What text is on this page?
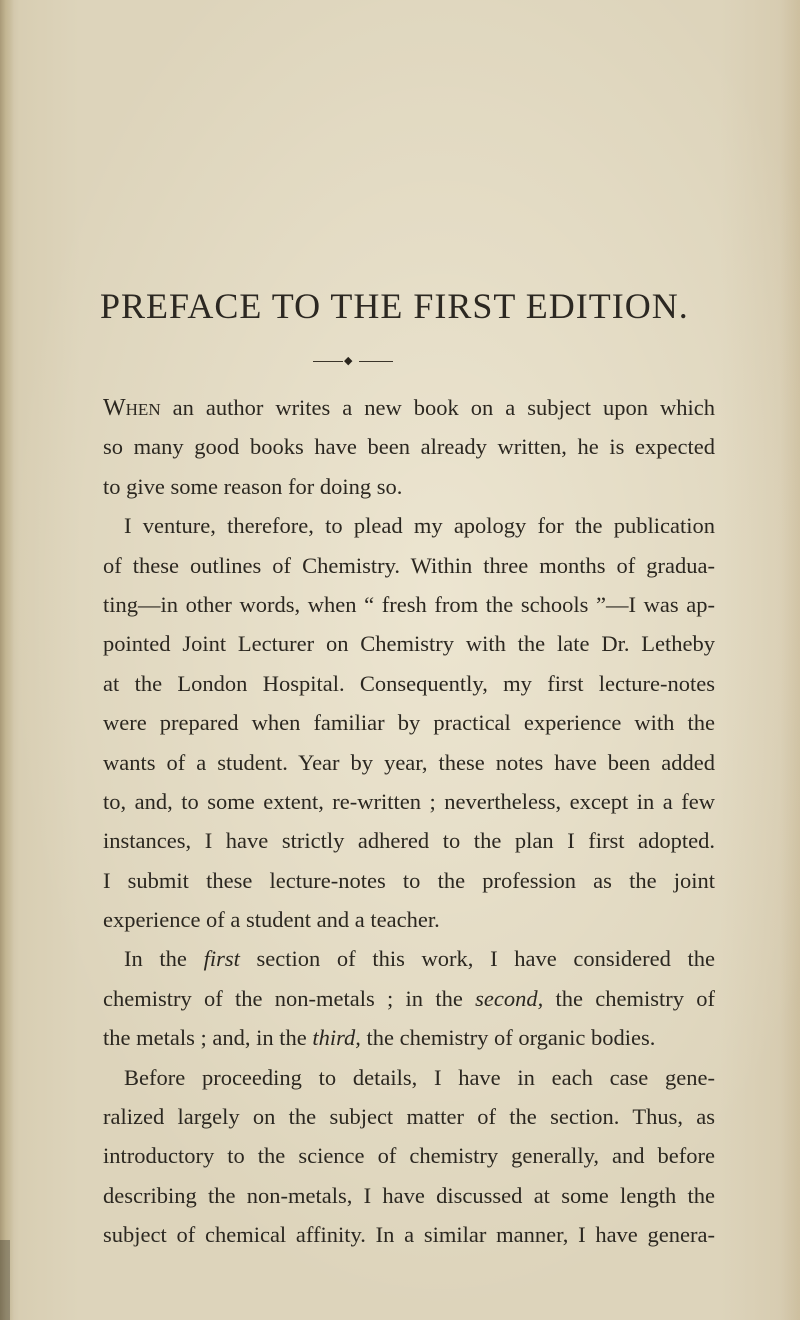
PREFACE TO THE FIRST EDITION.
◆
When an author writes a new book on a subject upon which
so many good books have been already written, he is expected
to give some reason for doing so.
I venture, therefore, to plead my apology for the publication
of these outlines of Chemistry. Within three months of gradua-
ting—in other words, when “ fresh from the schools ”—I was ap-
pointed Joint Lecturer on Chemistry with the late Dr. Letheby
at the London Hospital. Consequently, my first lecture-notes
were prepared when familiar by practical experience with the
wants of a student. Year by year, these notes have been added
to, and, to some extent, re-written ; nevertheless, except in a few
instances, I have strictly adhered to the plan I first adopted.
I submit these lecture-notes to the profession as the joint
experience of a student and a teacher.
In the first section of this work, I have considered the
chemistry of the non-metals ; in the second, the chemistry of
the metals ; and, in the third, the chemistry of organic bodies.
Before proceeding to details, I have in each case gene-
ralized largely on the subject matter of the section. Thus, as
introductory to the science of chemistry generally, and before
describing the non-metals, I have discussed at some length the
subject of chemical affinity. In a similar manner, I have genera-
